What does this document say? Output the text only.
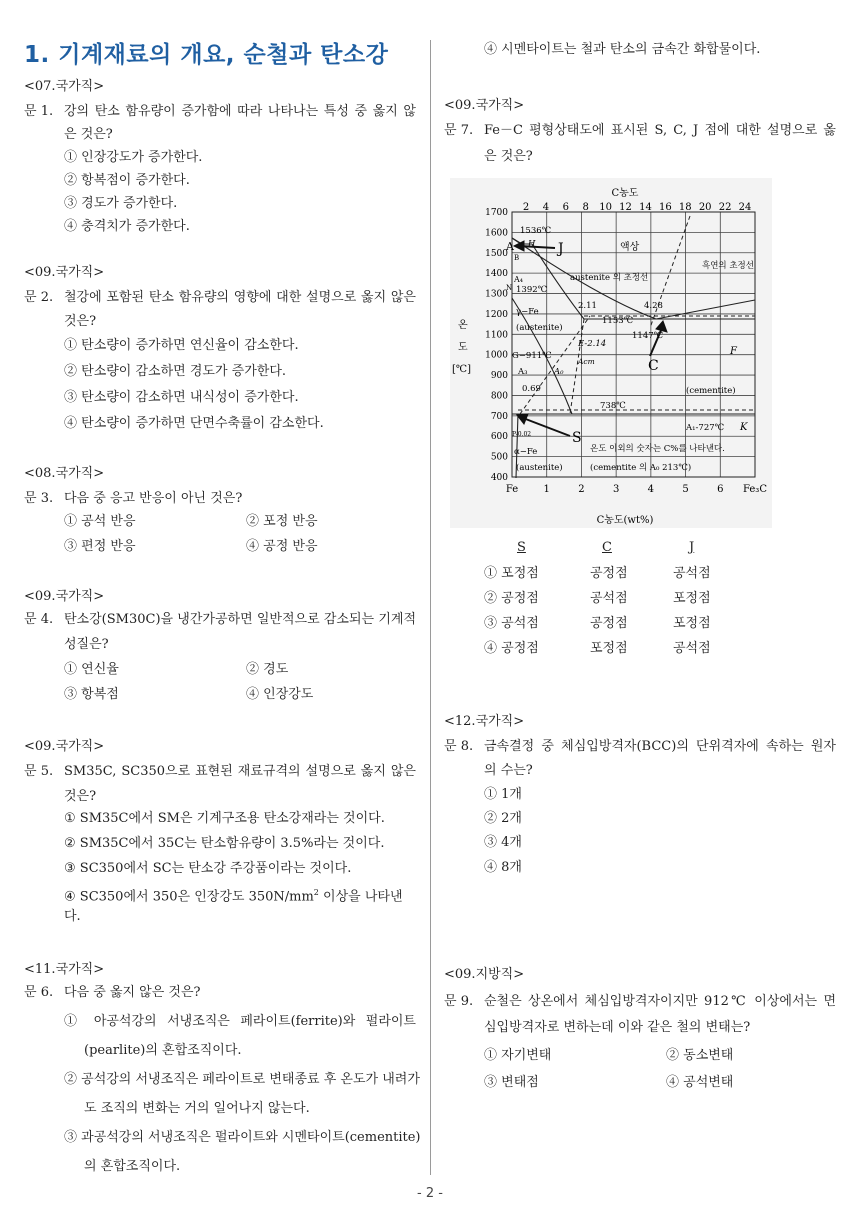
1. 기계재료의 개요, 순철과 탄소강
<07.국가직>
문 1. 강의 탄소 함유량이 증가함에 따라 나타나는 특성 중 옳지 않
은 것은?
① 인장강도가 증가한다.
② 항복점이 증가한다.
③ 경도가 증가한다.
④ 충격치가 증가한다.
<09.국가직>
문 2. 철강에 포함된 탄소 함유량의 영향에 대한 설명으로 옳지 않은
것은?
① 탄소량이 증가하면 연신율이 감소한다.
② 탄소량이 감소하면 경도가 증가한다.
③ 탄소량이 감소하면 내식성이 증가한다.
④ 탄소량이 증가하면 단면수축률이 감소한다.
<08.국가직>
문 3. 다음 중 응고 반응이 아닌 것은?
① 공석 반응	② 포정 반응
③ 편정 반응	④ 공정 반응
<09.국가직>
문 4. 탄소강(SM30C)을 냉간가공하면 일반적으로 감소되는 기계적
성질은?
① 연신율	② 경도
③ 항복점	④ 인장강도
<09.국가직>
문 5. SM35C, SC350으로 표현된 재료규격의 설명으로 옳지 않은
것은?
① SM35C에서 SM은 기계구조용 탄소강재라는 것이다.
② SM35C에서 35C는 탄소함유량이 3.5%라는 것이다.
③ SC350에서 SC는 탄소강 주강품이라는 것이다.
④ SC350에서 350은 인장강도 $350N/mm^2$ 이상을 나타낸
다.
<11.국가직>
문 6. 다음 중 옳지 않은 것은?
① 아공석강의 서냉조직은 페라이트(ferrite)와 펄라이트
(pearlite)의 혼합조직이다.
② 공석강의 서냉조직은 페라이트로 변태종료 후 온도가 내려가
도 조직의 변화는 거의 일어나지 않는다.
③ 과공석강의 서냉조직은 펄라이트와 시멘타이트(cementite)
의 혼합조직이다.
④ 시멘타이트는 철과 탄소의 금속간 화합물이다.
<09.국가직>
문 7. Fe－C 평형상태도에 표시된 S, C, J 점에 대한 설명으로 옳
은 것은?
C농도
2 4 6 8 10 12 14 16 18 20 22 24
1700
1600
1500
1400
1300
1200
1100
1000
900
800
700
600
500
400
Fe	1	2	3	4	5	6 Fe₃C
C농도(wt%)
온
도
[℃]
1536℃
H
A
B
J	액상
흑연의 초정선
austenite 의 초정선
A₄
N 1392℃
γ−Fe
(austenite)
2.11	4.28
1153℃
1147℃
E-2.14
G−911℃
Acm
A₃	A₀	C
F
(cementite)
0.69
738℃
P-0.02	S
α−Fe	온도 이외의 숫자는 C%를 나타낸다.
A₁-727℃ K
(austenite)	(cementite 의 A₀ 213℃)
S	C	J
① 포정점	공정점	공석점
② 공정점	공석점	포정점
③ 공석점	공정점	포정점
④ 공정점	포정점	공석점
<12.국가직>
문 8. 금속결정 중 체심입방격자(BCC)의 단위격자에 속하는 원자
의 수는?
① 1개
② 2개
③ 4개
④ 8개
<09.지방직>
문 9. 순철은 상온에서 체심입방격자이지만 912℃ 이상에서는 면
심입방격자로 변하는데 이와 같은 철의 변태는?
① 자기변태	② 동소변태
③ 변태점	④ 공석변태
- 2 -
